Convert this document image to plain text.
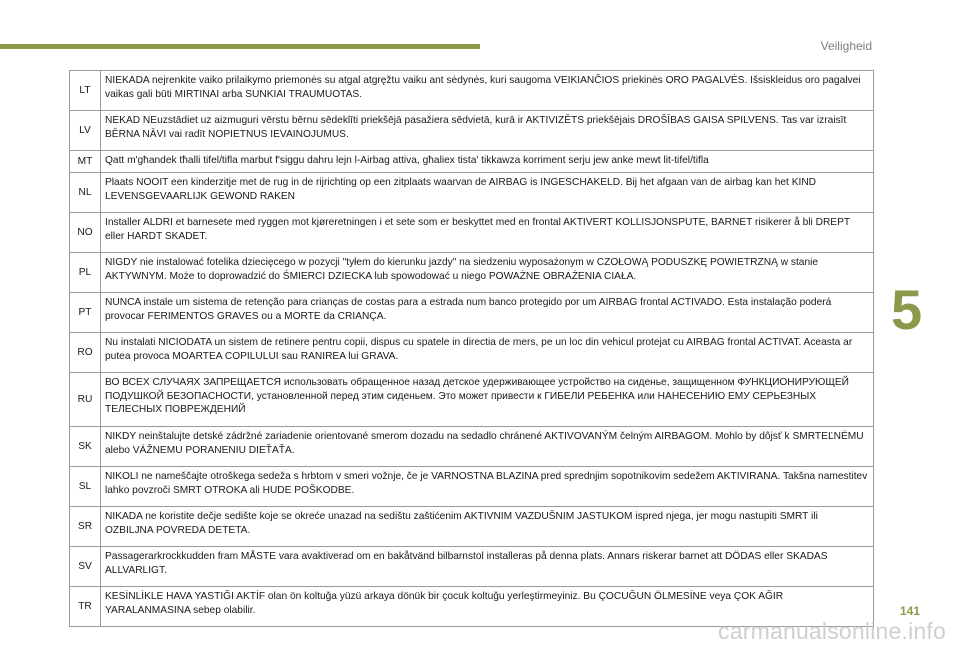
Veiligheid
LT	NIEKADA nejrenkite vaiko prilaikymo priemonės su atgal atgręžtu vaiku ant sėdynės, kuri saugoma VEIKIANČIOS priekinės ORO PAGALVĖS. Išsiskleidus oro pagalvei vaikas gali būti MIRTINAI arba SUNKIAI TRAUMUOTAS.
LV	NEKAD NEuzstādiet uz aizmuguri vērstu bērnu sēdeklīti priekšējā pasažiera sēdvietā, kurā ir AKTIVIZĒTS priekšējais DROŠĪBAS GAISA SPILVENS. Tas var izraisīt BĒRNA NĀVI vai radīt NOPIETNUS IEVAINOJUMUS.
MT	Qatt m'għandek tħalli tifel/tifla marbut f'siggu dahru lejn l-Airbag attiva, għaliex tista' tikkawza korriment serju jew anke mewt lit-tifel/tifla
NL	Plaats NOOIT een kinderzitje met de rug in de rijrichting op een zitplaats waarvan de AIRBAG is INGESCHAKELD. Bij het afgaan van de airbag kan het KIND LEVENSGEVAARLIJK GEWOND RAKEN
NO	Installer ALDRI et barnesete med ryggen mot kjøreretningen i et sete som er beskyttet med en frontal AKTIVERT KOLLISJONSPUTE, BARNET risikerer å bli DREPT eller HARDT SKADET.
PL	NIGDY nie instalować fotelika dziecięcego w pozycji "tyłem do kierunku jazdy" na siedzeniu wyposażonym w CZOŁOWĄ PODUSZKĘ POWIETRZNĄ w stanie AKTYWNYM. Może to doprowadzić do ŚMIERCI DZIECKA lub spowodować u niego POWAŻNE OBRAŻENIA CIAŁA.
PT	NUNCA instale um sistema de retenção para crianças de costas para a estrada num banco protegido por um AIRBAG frontal ACTIVADO. Esta instalação poderá provocar FERIMENTOS GRAVES ou a MORTE da CRIANÇA.
RO	Nu instalati NICIODATA un sistem de retinere pentru copii, dispus cu spatele in directia de mers, pe un loc din vehicul protejat cu AIRBAG frontal ACTIVAT. Aceasta ar putea provoca MOARTEA COPILULUI sau RANIREA lui GRAVA.
RU	ВО ВСЕХ СЛУЧАЯХ ЗАПРЕЩАЕТСЯ использовать обращенное назад детское удерживающее устройство на сиденье, защищенном ФУНКЦИОНИРУЮЩЕЙ ПОДУШКОЙ БЕЗОПАСНОСТИ, установленной перед этим сиденьем. Это может привести к ГИБЕЛИ РЕБЕНКА или НАНЕСЕНИЮ ЕМУ СЕРЬЕЗНЫХ ТЕЛЕСНЫХ ПОВРЕЖДЕНИЙ
SK	NIKDY neinštalujte detské zádržné zariadenie orientované smerom dozadu na sedadlo chránené AKTIVOVANÝM čelným AIRBAGOM. Mohlo by dôjsť k SMRTEĽNÉMU alebo VÁŽNEMU PORANENIU DIEŤAŤA.
SL	NIKOLI ne nameščajte otroškega sedeža s hrbtom v smeri vožnje, če je VARNOSTNA BLAZINA pred sprednjim sopotnikovim sedežem AKTIVIRANA. Takšna namestitev lahko povzroči SMRT OTROKA ali HUDE POŠKODBE.
SR	NIKADA ne koristite dečje sedište koje se okreće unazad na sedištu zaštićenim AKTIVNIM VAZDUŠNIM JASTUKOM ispred njega, jer mogu nastupiti SMRT ili OZBILJNA POVREDA DETETA.
SV	Passagerarkrockkudden fram MÅSTE vara avaktiverad om en bakåtvänd bilbarnstol installeras på denna plats. Annars riskerar barnet att DÖDAS eller SKADAS ALLVARLIGT.
TR	KESİNLİKLE HAVA YASTIĞI AKTİF olan ön koltuğa yüzü arkaya dönük bir çocuk koltuğu yerleştirmeyiniz. Bu ÇOCUĞUN ÖLMESİNE veya ÇOK AĞIR YARALANMASINA sebep olabilir.
5
141
carmanualsonline.info
